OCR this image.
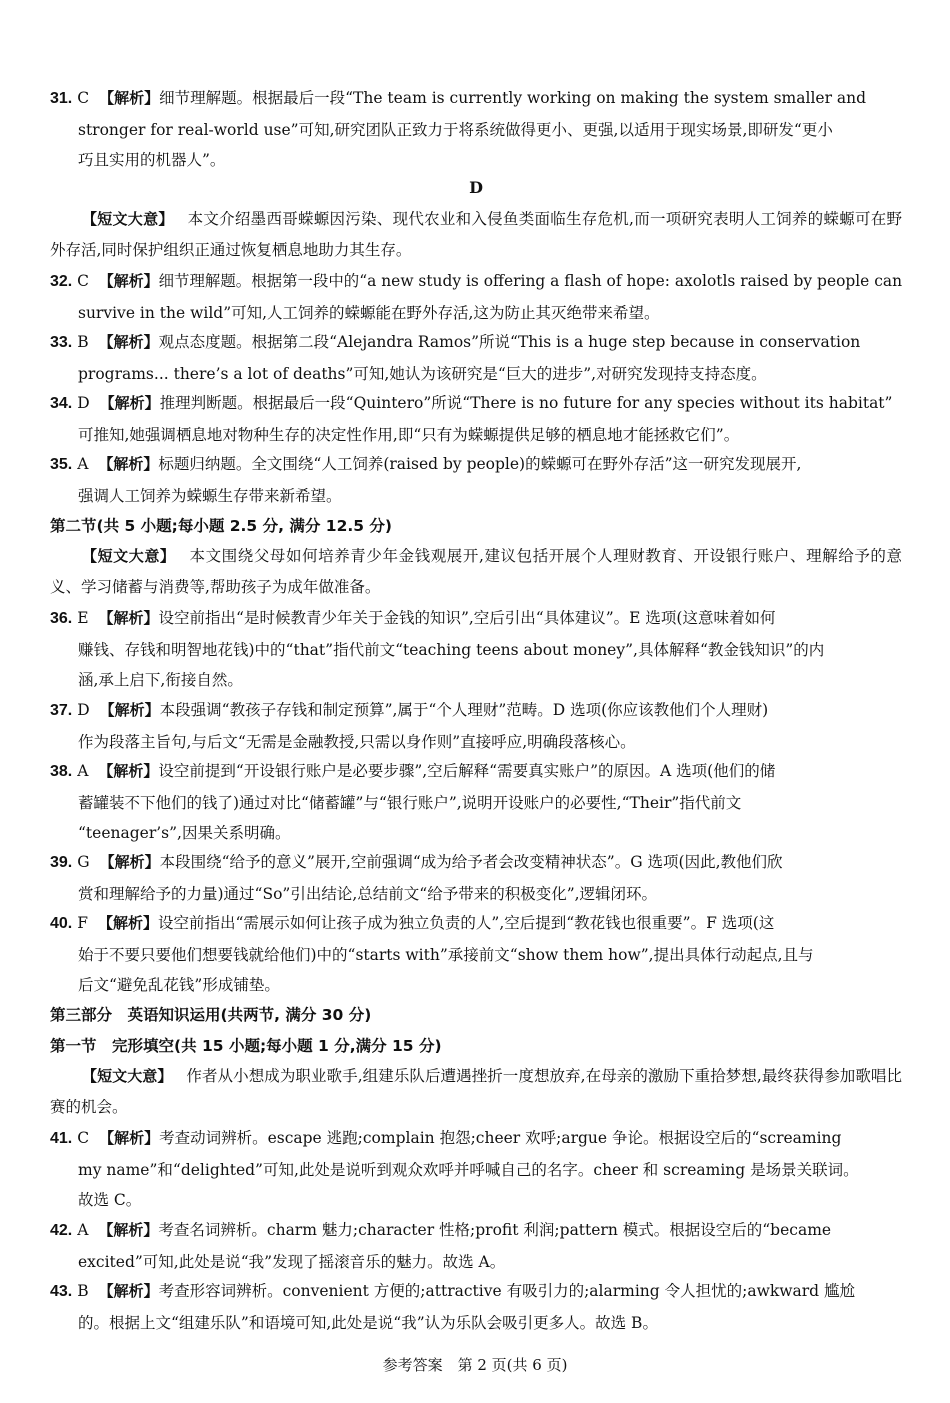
31. C 【解析】细节理解题。根据最后一段“The team is currently working on making the system smaller and
stronger for real-world use”可知,研究团队正致力于将系统做得更小、更强,以适用于现实场景,即研发“更小
巧且实用的机器人”。
D
【短文大意】 本文介绍墨西哥蝾螈因污染、现代农业和入侵鱼类面临生存危机,而一项研究表明人工饲养的蝾螈可在野外存活,同时保护组织正通过恢复栖息地助力其生存。
32. C 【解析】细节理解题。根据第一段中的“a new study is offering a flash of hope: axolotls raised by people can
survive in the wild”可知,人工饲养的蝾螈能在野外存活,这为防止其灭绝带来希望。
33. B 【解析】观点态度题。根据第二段“Alejandra Ramos”所说“This is a huge step because in conservation
programs... there’s a lot of deaths”可知,她认为该研究是“巨大的进步”,对研究发现持支持态度。
34. D 【解析】推理判断题。根据最后一段“Quintero”所说“There is no future for any species without its habitat”
可推知,她强调栖息地对物种生存的决定性作用,即“只有为蝾螈提供足够的栖息地才能拯救它们”。
35. A 【解析】标题归纳题。全文围绕“人工饲养(raised by people)的蝾螈可在野外存活”这一研究发现展开,
强调人工饲养为蝾螈生存带来新希望。
第二节(共 5 小题;每小题 2.5 分, 满分 12.5 分)
【短文大意】 本文围绕父母如何培养青少年金钱观展开,建议包括开展个人理财教育、开设银行账户、理解给予的意义、学习储蓄与消费等,帮助孩子为成年做准备。
36. E 【解析】设空前指出“是时候教青少年关于金钱的知识”,空后引出“具体建议”。E 选项(这意味着如何
赚钱、存钱和明智地花钱)中的“that”指代前文“teaching teens about money”,具体解释“教金钱知识”的内
涵,承上启下,衔接自然。
37. D 【解析】本段强调“教孩子存钱和制定预算”,属于“个人理财”范畴。D 选项(你应该教他们个人理财)
作为段落主旨句,与后文“无需是金融教授,只需以身作则”直接呼应,明确段落核心。
38. A 【解析】设空前提到“开设银行账户是必要步骤”,空后解释“需要真实账户”的原因。A 选项(他们的储
蓄罐装不下他们的钱了)通过对比“储蓄罐”与“银行账户”,说明开设账户的必要性,“Their”指代前文
“teenager’s”,因果关系明确。
39. G 【解析】本段围绕“给予的意义”展开,空前强调“成为给予者会改变精神状态”。G 选项(因此,教他们欣
赏和理解给予的力量)通过“So”引出结论,总结前文“给予带来的积极变化”,逻辑闭环。
40. F 【解析】设空前指出“需展示如何让孩子成为独立负责的人”,空后提到“教花钱也很重要”。F 选项(这
始于不要只要他们想要钱就给他们)中的“starts with”承接前文“show them how”,提出具体行动起点,且与
后文“避免乱花钱”形成铺垫。
第三部分　英语知识运用(共两节, 满分 30 分)
第一节　完形填空(共 15 小题;每小题 1 分,满分 15 分)
【短文大意】 作者从小想成为职业歌手,组建乐队后遭遇挫折一度想放弃,在母亲的激励下重拾梦想,最终获得参加歌唱比赛的机会。
41. C 【解析】考查动词辨析。escape 逃跑;complain 抱怨;cheer 欢呼;argue 争论。根据设空后的“screaming
my name”和“delighted”可知,此处是说听到观众欢呼并呼喊自己的名字。cheer 和 screaming 是场景关联词。
故选 C。
42. A 【解析】考查名词辨析。charm 魅力;character 性格;profit 利润;pattern 模式。根据设空后的“became
excited”可知,此处是说“我”发现了摇滚音乐的魅力。故选 A。
43. B 【解析】考查形容词辨析。convenient 方便的;attractive 有吸引力的;alarming 令人担忧的;awkward 尴尬
的。根据上文“组建乐队”和语境可知,此处是说“我”认为乐队会吸引更多人。故选 B。
参考答案　第 2 页(共 6 页)
